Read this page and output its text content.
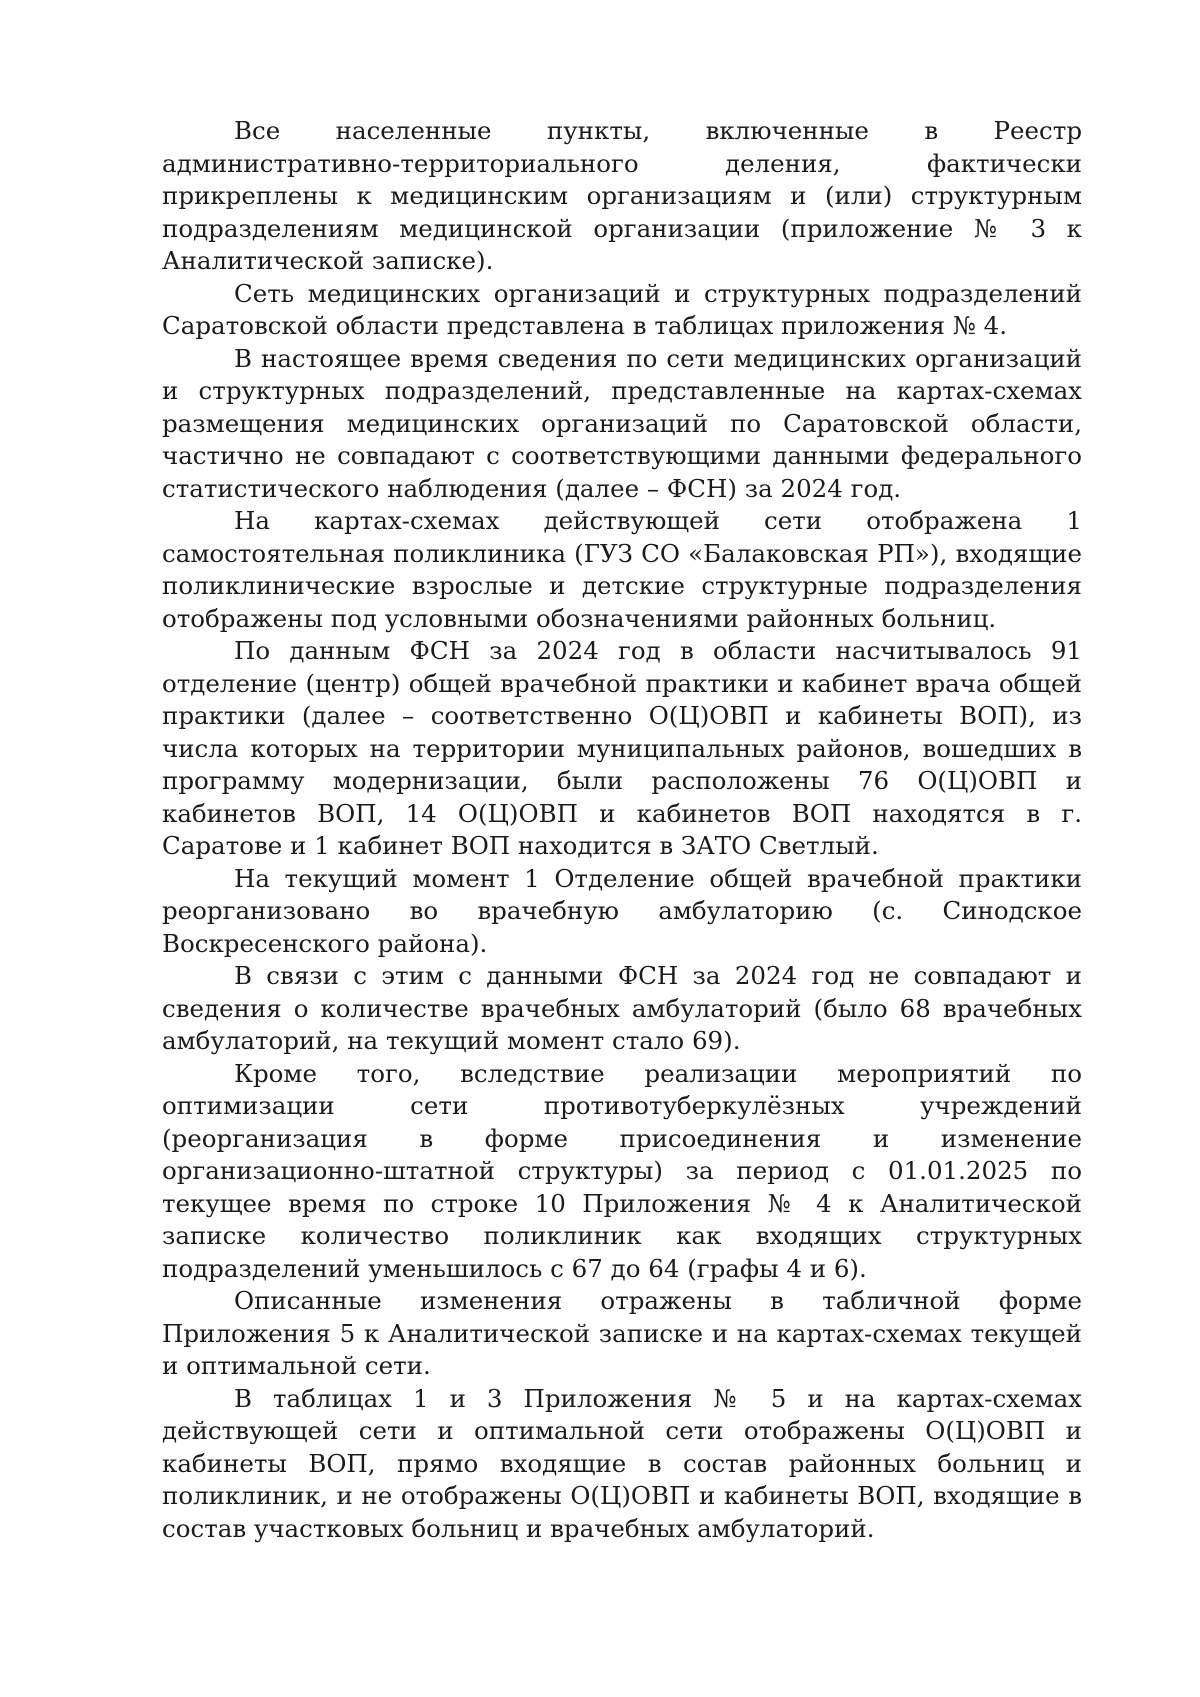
Все населенные пункты, включенные в Реестр административно-территориального деления, фактически прикреплены к медицинским организациям и (или) структурным подразделениям медицинской организации (приложение № 3 к Аналитической записке).

Сеть медицинских организаций и структурных подразделений Саратовской области представлена в таблицах приложения № 4.

В настоящее время сведения по сети медицинских организаций и структурных подразделений, представленные на картах-схемах размещения медицинских организаций по Саратовской области, частично не совпадают с соответствующими данными федерального статистического наблюдения (далее – ФСН) за 2024 год.

На картах-схемах действующей сети отображена 1 самостоятельная поликлиника (ГУЗ СО «Балаковская РП»), входящие поликлинические взрослые и детские структурные подразделения отображены под условными обозначениями районных больниц.

По данным ФСН за 2024 год в области насчитывалось 91 отделение (центр) общей врачебной практики и кабинет врача общей практики (далее – соответственно О(Ц)ОВП и кабинеты ВОП), из числа которых на территории муниципальных районов, вошедших в программу модернизации, были расположены 76 О(Ц)ОВП и кабинетов ВОП, 14 О(Ц)ОВП и кабинетов ВОП находятся в г. Саратове и 1 кабинет ВОП находится в ЗАТО Светлый.

На текущий момент 1 Отделение общей врачебной практики реорганизовано во врачебную амбулаторию (с. Синодское Воскресенского района).

В связи с этим с данными ФСН за 2024 год не совпадают и сведения о количестве врачебных амбулаторий (было 68 врачебных амбулаторий, на текущий момент стало 69).

Кроме того, вследствие реализации мероприятий по оптимизации сети противотуберкулёзных учреждений (реорганизация в форме присоединения и изменение организационно-штатной структуры) за период с 01.01.2025 по текущее время по строке 10 Приложения № 4 к Аналитической записке количество поликлиник как входящих структурных подразделений уменьшилось с 67 до 64 (графы 4 и 6).

Описанные изменения отражены в табличной форме Приложения 5 к Аналитической записке и на картах-схемах текущей и оптимальной сети.

В таблицах 1 и 3 Приложения № 5 и на картах-схемах действующей сети и оптимальной сети отображены О(Ц)ОВП и кабинеты ВОП, прямо входящие в состав районных больниц и поликлиник, и не отображены О(Ц)ОВП и кабинеты ВОП, входящие в состав участковых больниц и врачебных амбулаторий.
